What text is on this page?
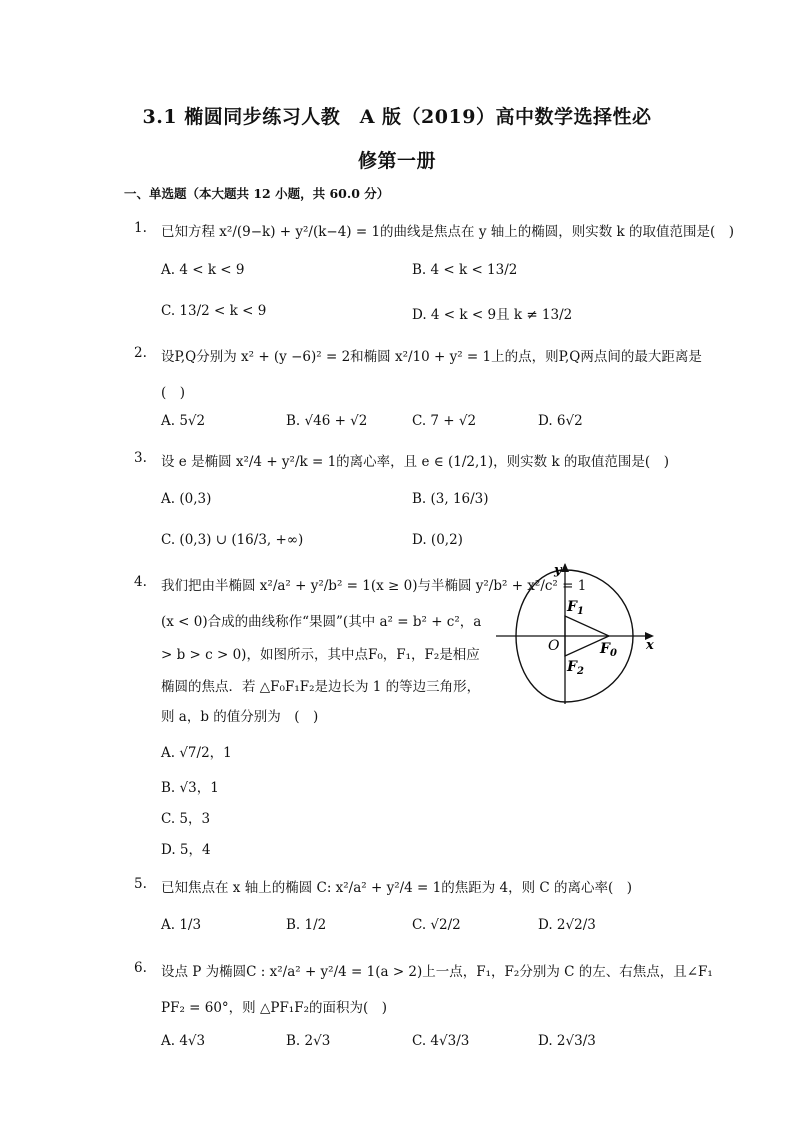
3.1 椭圆同步练习人教　A 版（2019）高中数学选择性必
修第一册
一、单选题（本大题共 12 小题，共 60.0 分）
1. 已知方程 x²/(9−k) + y²/(k−4) = 1的曲线是焦点在 y 轴上的椭圆，则实数 k 的取值范围是(　)
A. 4 < k < 9	B. 4 < k < 13/2
C. 13/2 < k < 9	D. 4 < k < 9且 k ≠ 13/2
2. 设P,Q分别为 x² + (y −6)² = 2和椭圆 x²/10 + y² = 1上的点，则P,Q两点间的最大距离是
(　)
A. 5√2	B. √46 + √2	C. 7 + √2	D. 6√2
3. 设 e 是椭圆 x²/4 + y²/k = 1的离心率，且 e ∈ (1/2,1)，则实数 k 的取值范围是(　)
A. (0,3)	B. (3, 16/3)
C. (0,3) ∪ (16/3, +∞)	D. (0,2)
4. 我们把由半椭圆 x²/a² + y²/b² = 1(x ≥ 0)与半椭圆 y²/b² + x²/c² = 1
(x < 0)合成的曲线称作“果圆”(其中 a² = b² + c²，a
> b > c > 0)，如图所示，其中点F₀，F₁，F₂是相应
椭圆的焦点．若 △F₀F₁F₂是边长为 1 的等边三角形，
则 a，b 的值分别为　(　)
A. √7/2，1
B. √3，1
C. 5，3
D. 5，4
y
x
O
$F_1$
$F_2$
$F_0$
5. 已知焦点在 x 轴上的椭圆 C: x²/a² + y²/4 = 1的焦距为 4，则 C 的离心率(　)
A. 1/3	B. 1/2	C. √2/2	D. 2√2/3
6. 设点 P 为椭圆C : x²/a² + y²/4 = 1(a > 2)上一点，F₁，F₂分别为 C 的左、右焦点，且∠F₁
PF₂ = 60°，则 △PF₁F₂的面积为(　)
A. 4√3	B. 2√3	C. 4√3/3	D. 2√3/3
